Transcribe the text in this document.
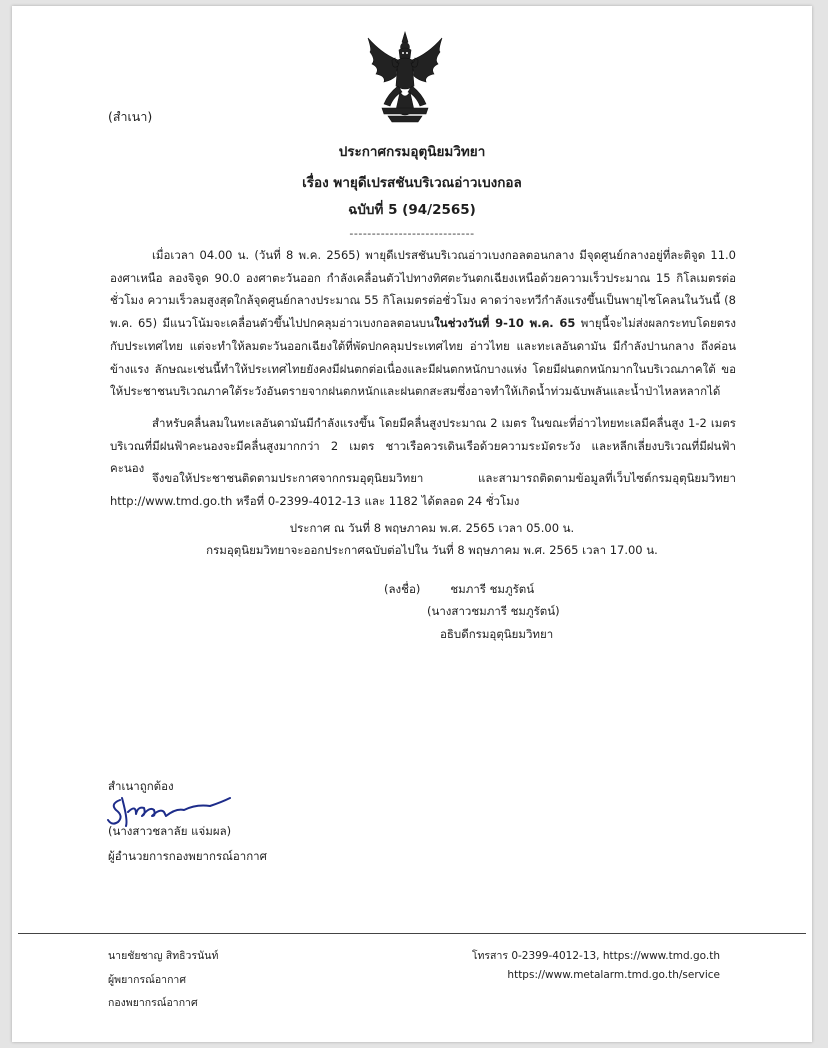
(สำเนา)
ประกาศกรมอุตุนิยมวิทยา
เรื่อง พายุดีเปรสชันบริเวณอ่าวเบงกอล
ฉบับที่ 5 (94/2565)
----------------------------

เมื่อเวลา 04.00 น. (วันที่ 8 พ.ค. 2565) พายุดีเปรสชันบริเวณอ่าวเบงกอลตอนกลาง มีจุดศูนย์กลางอยู่ที่ละติจูด 11.0 องศาเหนือ ลองจิจูด 90.0 องศาตะวันออก กำลังเคลื่อนตัวไปทางทิศตะวันตกเฉียงเหนือด้วยความเร็วประมาณ 15 กิโลเมตรต่อชั่วโมง ความเร็วลมสูงสุดใกล้จุดศูนย์กลางประมาณ 55 กิโลเมตรต่อชั่วโมง คาดว่าจะทวีกำลังแรงขึ้นเป็นพายุไซโคลนในวันนี้ (8 พ.ค. 65) มีแนวโน้มจะเคลื่อนตัวขึ้นไปปกคลุมอ่าวเบงกอลตอนบนในช่วงวันที่ 9-10 พ.ค. 65 พายุนี้จะไม่ส่งผลกระทบโดยตรงกับประเทศไทย แต่จะทำให้ลมตะวันออกเฉียงใต้ที่พัดปกคลุมประเทศไทย อ่าวไทย และทะเลอันดามัน มีกำลังปานกลาง ถึงค่อนข้างแรง ลักษณะเช่นนี้ทำให้ประเทศไทยยังคงมีฝนตกต่อเนื่องและมีฝนตกหนักบางแห่ง โดยมีฝนตกหนักมากในบริเวณภาคใต้ ขอให้ประชาชนบริเวณภาคใต้ระวังอันตรายจากฝนตกหนักและฝนตกสะสมซึ่งอาจทำให้เกิดน้ำท่วมฉับพลันและน้ำป่าไหลหลากได้

สำหรับคลื่นลมในทะเลอันดามันมีกำลังแรงขึ้น โดยมีคลื่นสูงประมาณ 2 เมตร ในขณะที่อ่าวไทยทะเลมีคลื่นสูง 1-2 เมตร บริเวณที่มีฝนฟ้าคะนองจะมีคลื่นสูงมากกว่า 2 เมตร ชาวเรือควรเดินเรือด้วยความระมัดระวัง และหลีกเลี่ยงบริเวณที่มีฝนฟ้าคะนอง

จึงขอให้ประชาชนติดตามประกาศจากกรมอุตุนิยมวิทยา และสามารถติดตามข้อมูลที่เว็บไซต์กรมอุตุนิยมวิทยา http://www.tmd.go.th หรือที่ 0-2399-4012-13 และ 1182 ได้ตลอด 24 ชั่วโมง

ประกาศ ณ วันที่ 8 พฤษภาคม พ.ศ. 2565 เวลา 05.00 น.
กรมอุตุนิยมวิทยาจะออกประกาศฉบับต่อไปใน วันที่ 8 พฤษภาคม พ.ศ. 2565 เวลา 17.00 น.
(ลงชื่อ)	ชมภารี ชมภูรัตน์
(นางสาวชมภารี ชมภูรัตน์)
อธิบดีกรมอุตุนิยมวิทยา
สำเนาถูกต้อง
(นางสาวชลาลัย แจ่มผล)
ผู้อำนวยการกองพยากรณ์อากาศ
นายชัยชาญ สิทธิวรนันท์
ผู้พยากรณ์อากาศ
กองพยากรณ์อากาศ
โทรสาร 0-2399-4012-13, https://www.tmd.go.th
https://www.metalarm.tmd.go.th/service
